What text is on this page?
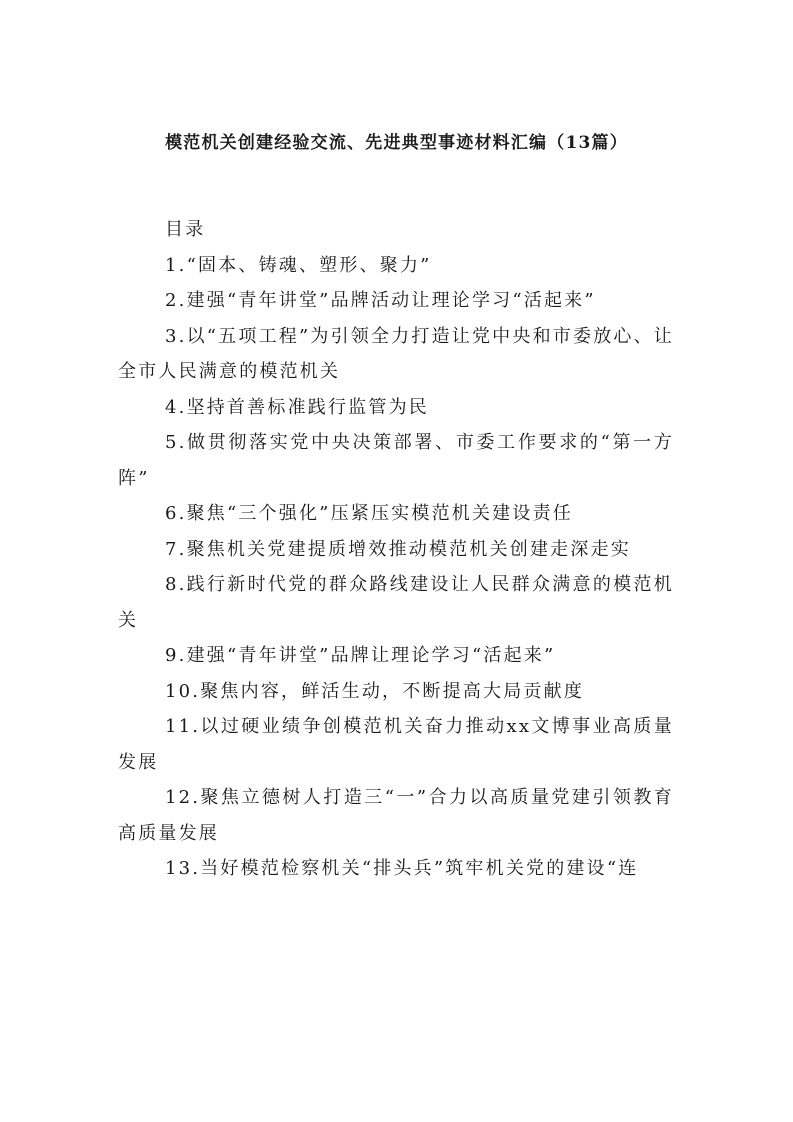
模范机关创建经验交流、先进典型事迹材料汇编（13篇）

目录

1.“固本、铸魂、塑形、聚力”
2.建强“青年讲堂”品牌活动让理论学习“活起来”
3.以“五项工程”为引领全力打造让党中央和市委放心、让全市人民满意的模范机关
4.坚持首善标准践行监管为民
5.做贯彻落实党中央决策部署、市委工作要求的“第一方阵”
6.聚焦“三个强化”压紧压实模范机关建设责任
7.聚焦机关党建提质增效推动模范机关创建走深走实
8.践行新时代党的群众路线建设让人民群众满意的模范机关
9.建强“青年讲堂”品牌让理论学习“活起来”
10.聚焦内容，鲜活生动，不断提高大局贡献度
11.以过硬业绩争创模范机关奋力推动xx文博事业高质量发展
12.聚焦立德树人打造三“一”合力以高质量党建引领教育高质量发展
13.当好模范检察机关“排头兵”筑牢机关党的建设“连
